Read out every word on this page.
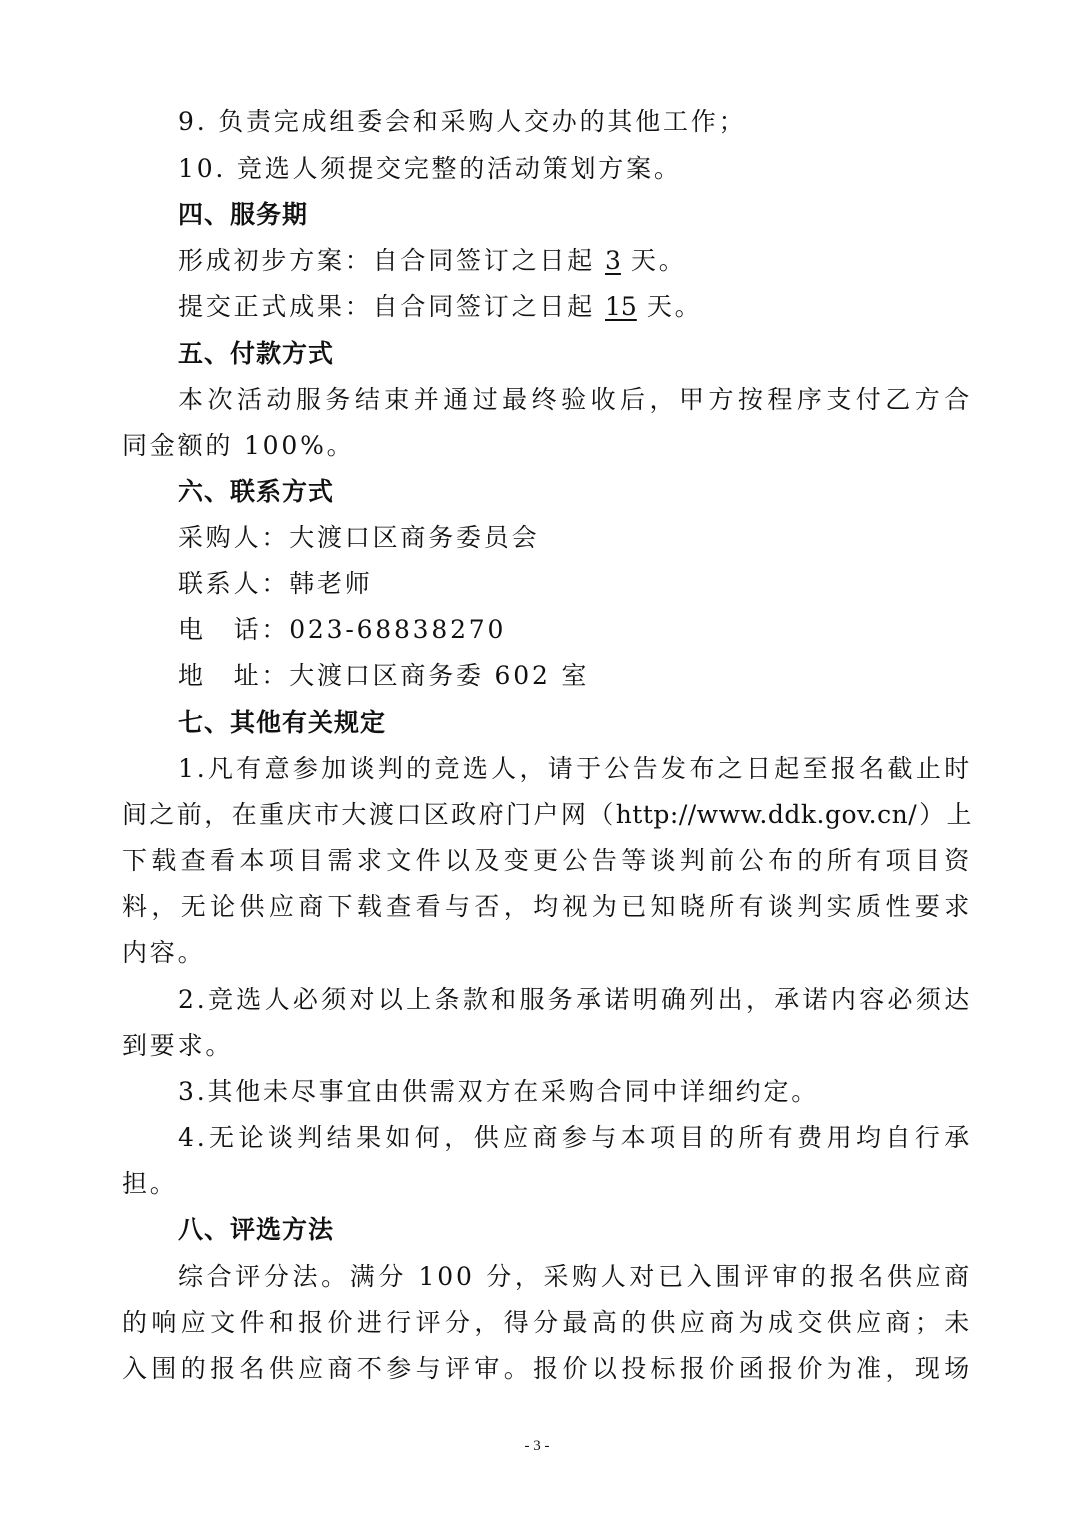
9. 负责完成组委会和采购人交办的其他工作；
10. 竞选人须提交完整的活动策划方案。
四、服务期
形成初步方案：自合同签订之日起 3 天。
提交正式成果：自合同签订之日起 15 天。
五、付款方式
本次活动服务结束并通过最终验收后，甲方按程序支付乙方合
同金额的 100%。
六、联系方式
采购人：大渡口区商务委员会
联系人：韩老师
电　话：023-68838270
地　址：大渡口区商务委 602 室
七、其他有关规定
1.凡有意参加谈判的竞选人，请于公告发布之日起至报名截止时
间之前，在重庆市大渡口区政府门户网（http://www.ddk.gov.cn/）上
下载查看本项目需求文件以及变更公告等谈判前公布的所有项目资
料，无论供应商下载查看与否，均视为已知晓所有谈判实质性要求
内容。
2.竞选人必须对以上条款和服务承诺明确列出，承诺内容必须达
到要求。
3.其他未尽事宜由供需双方在采购合同中详细约定。
4.无论谈判结果如何，供应商参与本项目的所有费用均自行承
担。
八、评选方法
综合评分法。满分 100 分，采购人对已入围评审的报名供应商
的响应文件和报价进行评分，得分最高的供应商为成交供应商；未
入围的报名供应商不参与评审。报价以投标报价函报价为准，现场
- 3 -
